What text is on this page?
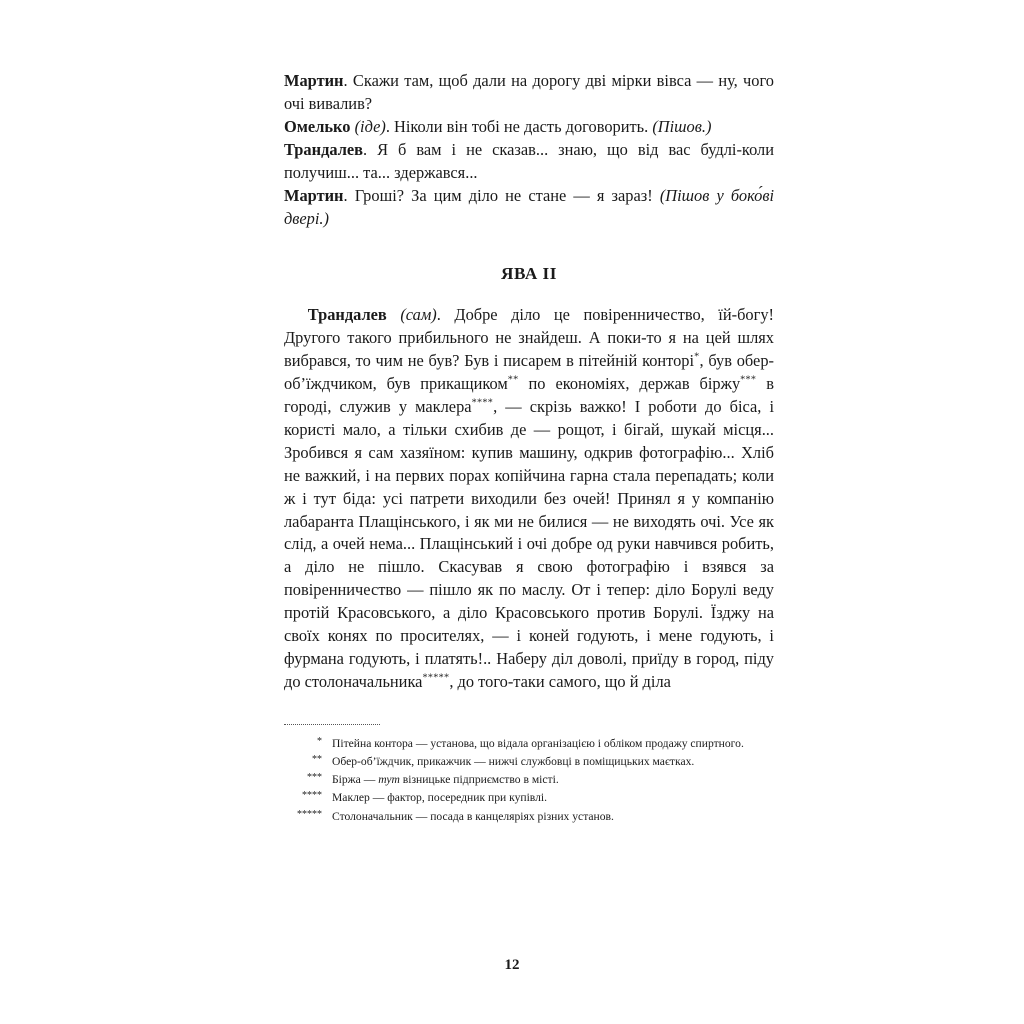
Мартин. Скажи там, щоб дали на дорогу дві мірки вівса — ну, чого очі вивалив?

Омелько (іде). Ніколи він тобі не дасть договорить. (Пішов.)

Трандалев. Я б вам і не сказав... знаю, що від вас будлі-коли получиш... та... здержався...

Мартин. Гроші? За цим діло не стане — я зараз! (Пішов у боко́ві двері.)

ЯВА II

Трандалев (сам). Добре діло це повіренничество, їй-богу! Другого такого прибильного не знайдеш. А поки-то я на цей шлях вибрався, то чим не був? Був і писарем в пітейній конторі*, був обер-об’їждчиком, був прикащиком** по економіях, держав біржу*** в городі, служив у маклера****, — скрізь важко! І роботи до біса, і користі мало, а тільки схибив де — рощот, і бігай, шукай місця... Зробився я сам хазяїном: купив машину, одкрив фотографію... Хліб не важкий, і на первих порах копійчина гарна стала перепадать; коли ж і тут біда: усі патрети виходили без очей! Принял я у компанію лабаранта Плащінського, і як ми не билися — не виходять очі. Усе як слід, а очей нема... Плащінський і очі добре од руки навчився робить, а діло не пішло. Скасував я свою фотографію і взявся за повіренничество — пішло як по маслу. От і тепер: діло Борулі веду протій Красовського, а діло Красовського против Борулі. Їзджу на своїх конях по просителях, — і коней годують, і мене годують, і фурмана годують, і платять!.. Наберу діл доволі, приїду в город, піду до столоначальника*****, до того-таки самого, що й діла

* Пітейна контора — установа, що відала організацією і обліком продажу спиртного.
** Обер-об’їждчик, прикажчик — нижчі службовці в поміщицьких маєтках.
*** Біржа — тут візницьке підприємство в місті.
**** Маклер — фактор, посередник при купівлі.
***** Столоначальник — посада в канцеляріях різних установ.
12
